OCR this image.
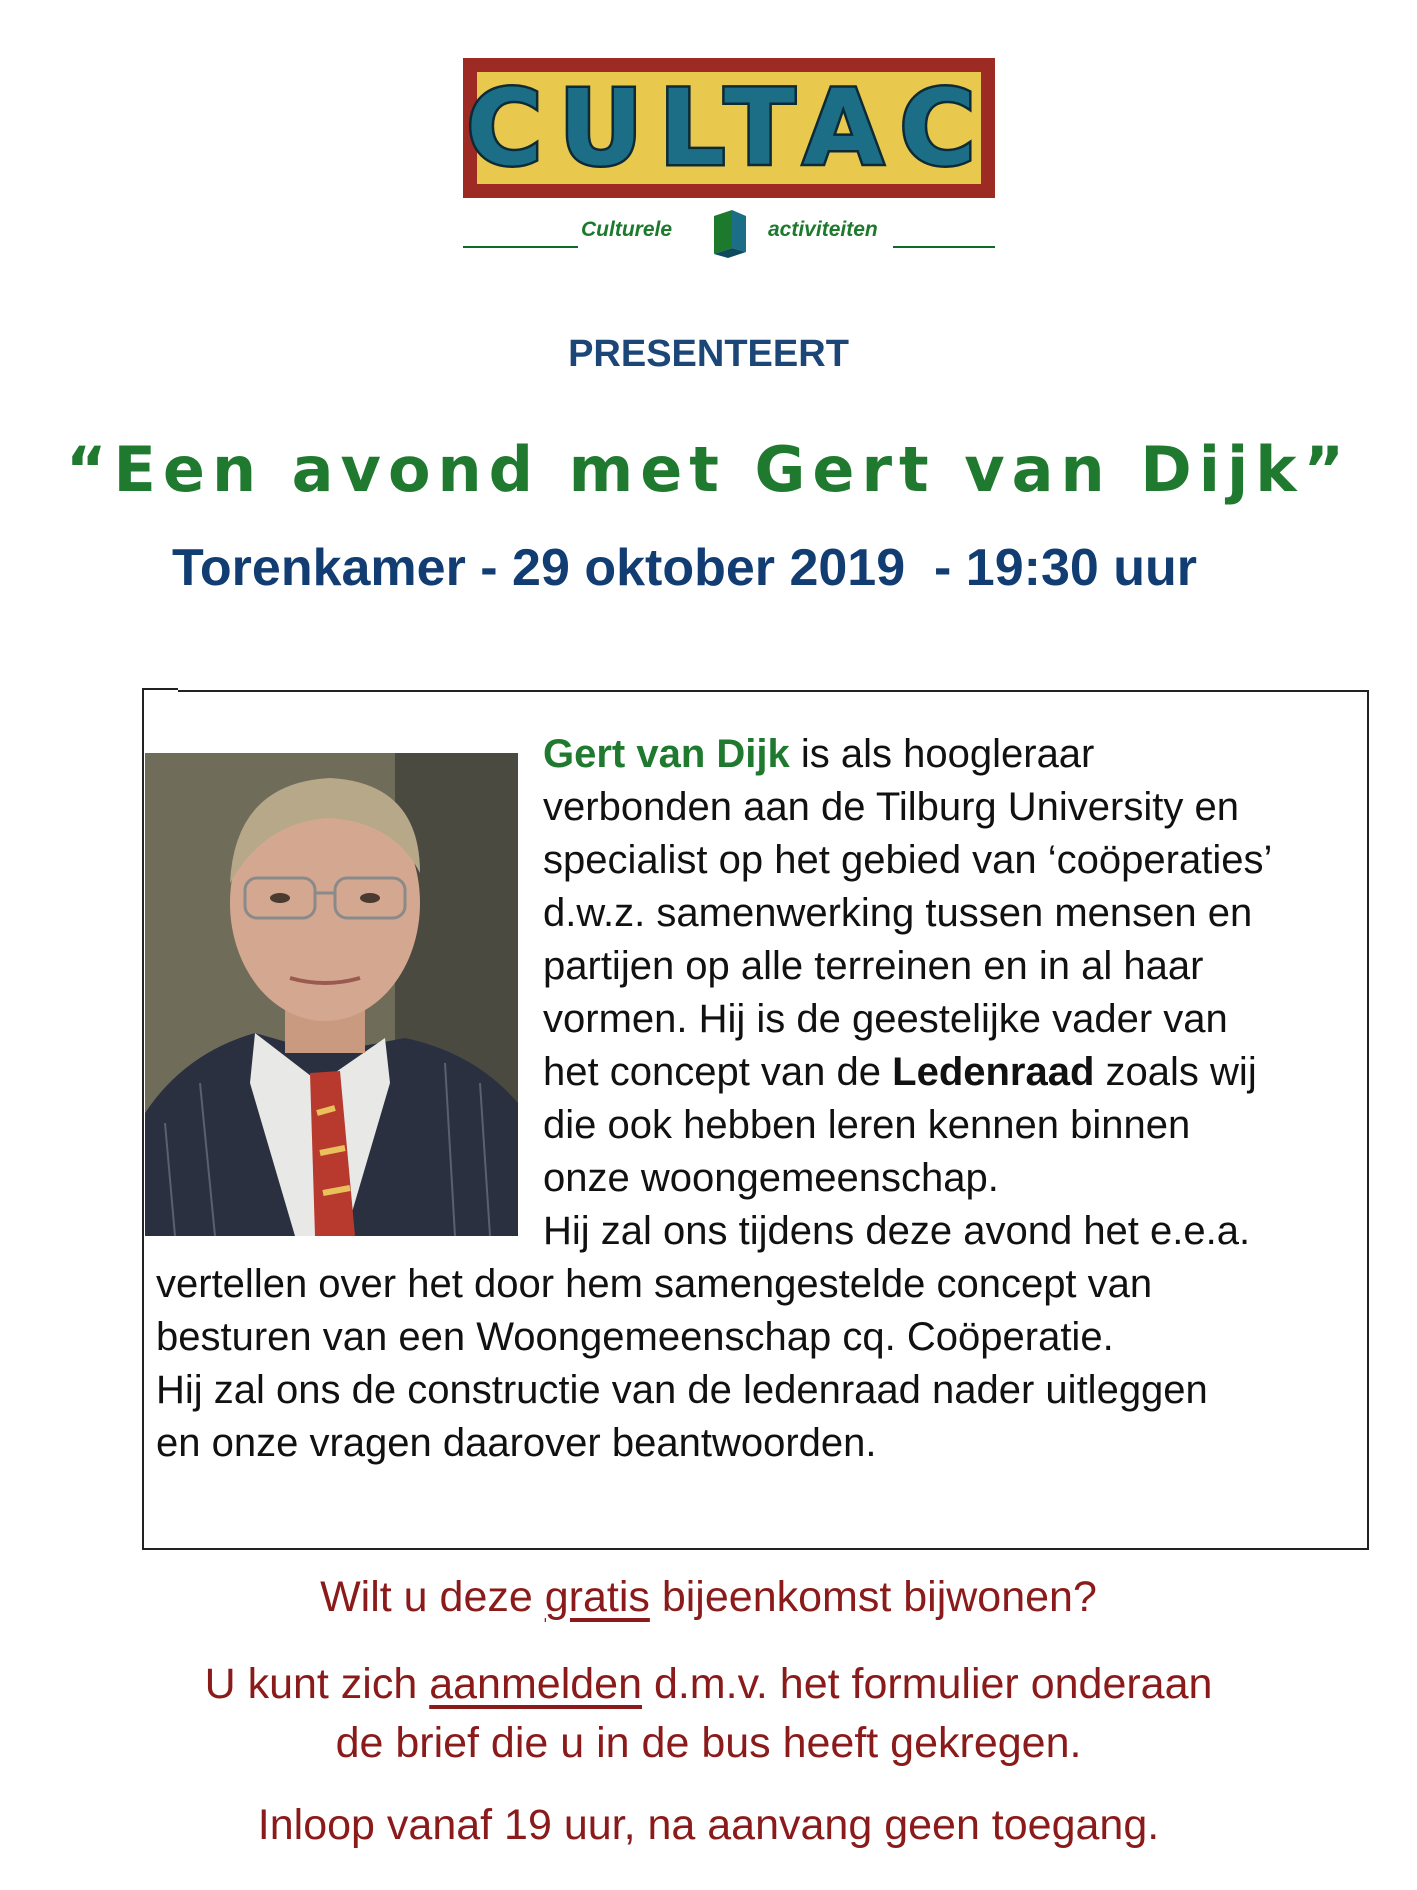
CULTAC
Culturele	activiteiten
PRESENTEERT
“Een avond met Gert van Dijk”
Torenkamer - 29 oktober 2019  - 19:30 uur
Gert van Dijk is als hoogleraar
verbonden aan de Tilburg University en
specialist op het gebied van ‘coöperaties’
d.w.z. samenwerking tussen mensen en
partijen op alle terreinen en in al haar
vormen. Hij is de geestelijke vader van
het concept van de Ledenraad zoals wij
die ook hebben leren kennen binnen
onze woongemeenschap.
Hij zal ons tijdens deze avond het e.e.a.
vertellen over het door hem samengestelde concept van
besturen van een Woongemeenschap cq. Coöperatie.
Hij zal ons de constructie van de ledenraad nader uitleggen
en onze vragen daarover beantwoorden.
Wilt u deze gratis bijeenkomst bijwonen?
U kunt zich aanmelden d.m.v. het formulier onderaan
de brief die u in de bus heeft gekregen.
Inloop vanaf 19 uur, na aanvang geen toegang.
